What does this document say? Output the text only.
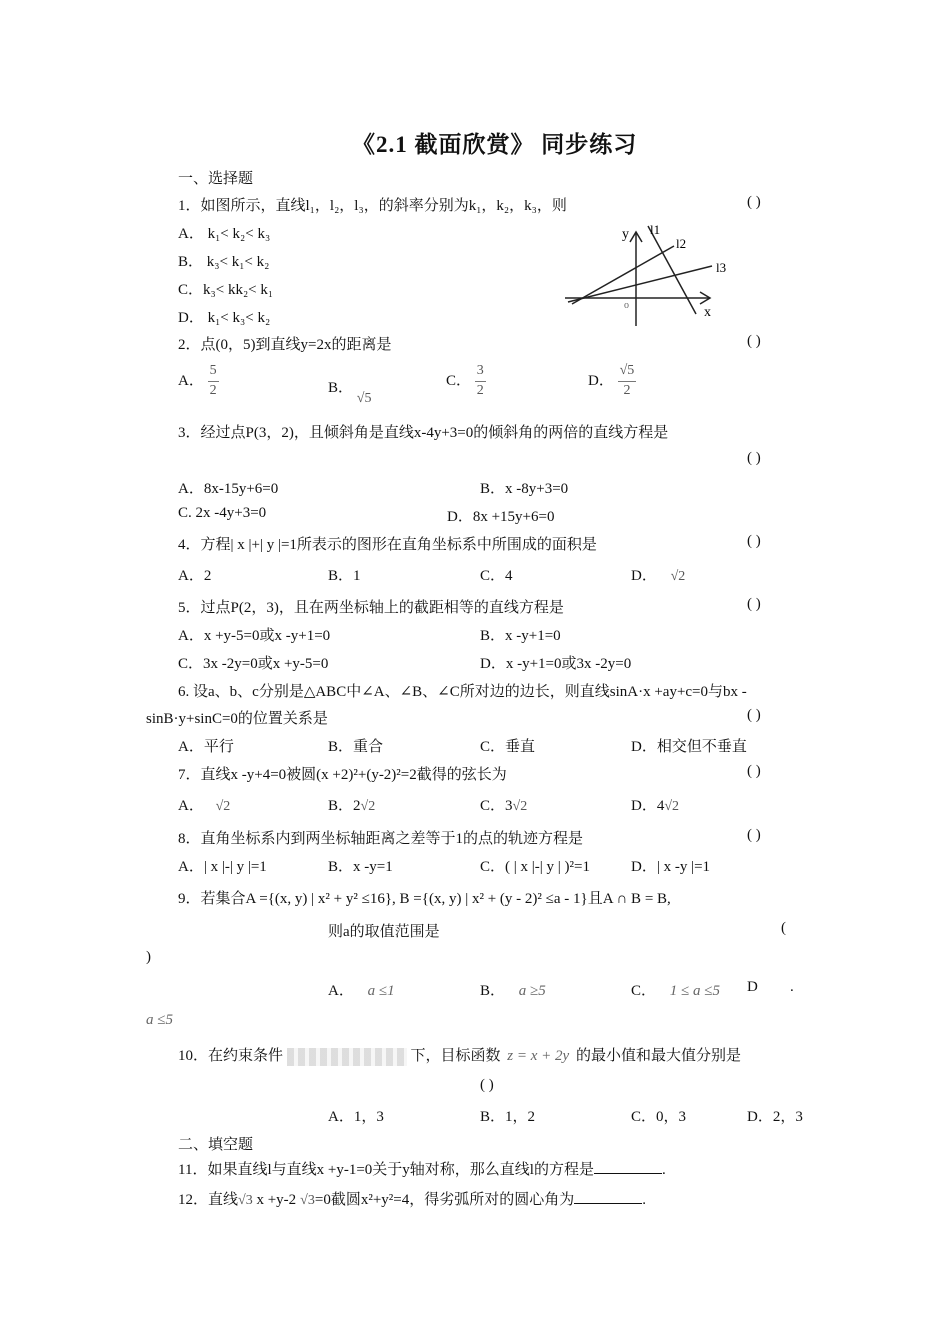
《2.1 截面欣赏》 同步练习
一、选择题
1．如图所示，直线l₁，l₂，l₃，的斜率分别为k₁，k₂，k₃，则	( )
A． k₁< k₂< k₃
B． k₃< k₁< k₂
C．k₃< kk₂< k₁
D． k₁< k₃< k₂
y
x
o
l1
l2
l3
2．点(0，5)到直线y=2x的距离是	( )
A． $\frac{5}{2}$	B． √5
C． $\frac{3}{2}$	D． $\frac{√5}{2}$
3．经过点P(3，2)，且倾斜角是直线x-4y+3=0的倾斜角的两倍的直线方程是
( )
A．8x-15y+6=0	B．x -8y+3=0
C. 2x -4y+3=0	D．8x +15y+6=0
4．方程| x |+| y |=1所表示的图形在直角坐标系中所围成的面积是	( )
A．2	B．1	C．4	D． √2
5．过点P(2，3)，且在两坐标轴上的截距相等的直线方程是	( )
A．x +y-5=0或x -y+1=0	B．x -y+1=0
C．3x -2y=0或x +y-5=0	D．x -y+1=0或3x -2y=0
6. 设a、b、c分别是△ABC中∠A、∠B、∠C所对边的边长，则直线sinA·x +ay+c=0与bx -
sinB·y+sinC=0的位置关系是	( )
A．平行	B．重合	C．垂直	D．相交但不垂直
7．直线x -y+4=0被圆(x +2)²+(y-2)²=2截得的弦长为	( )
A． √2	B．2√2	C．3√2	D．4√2
8．直角坐标系内到两坐标轴距离之差等于1的点的轨迹方程是	( )
A．| x |-| y |=1	B．x -y=1	C．( | x |-| y | )²=1	D．| x -y |=1
9．若集合A ={(x, y) | x² + y² ≤16}, B ={(x, y) | x² + (y - 2)² ≤a - 1}且A ∩ B = B,
则a的取值范围是	(
)
A． a ≤1	B． a ≥5	C． 1 ≤ a ≤5 D .
a ≤5
10．在约束条件	下，目标函数 z = x + 2y 的最小值和最大值分别是
( )
A．1，3	B．1，2	C．0，3	D．2，3
二、填空题
11．如果直线l与直线x +y-1=0关于y轴对称，那么直线l的方程是	.
12．直线√3 x +y-2 √3=0截圆x²+y²=4，得劣弧所对的圆心角为	.
